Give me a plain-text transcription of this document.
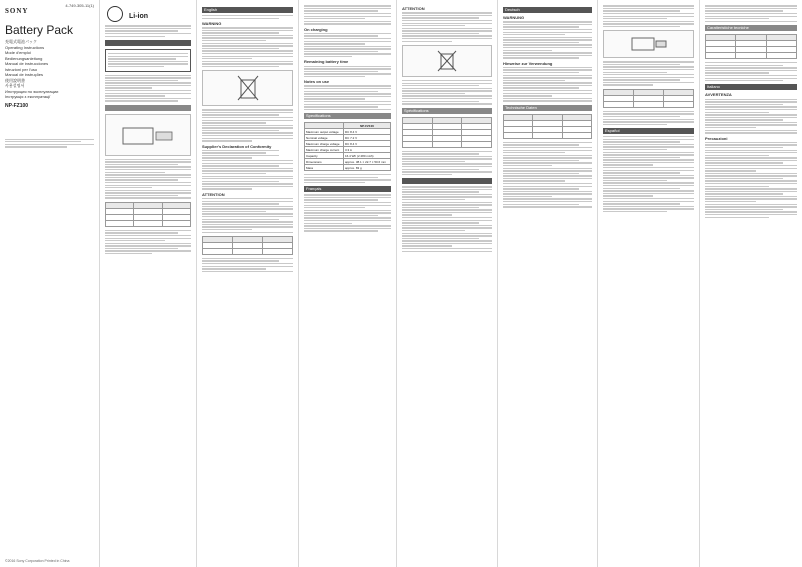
4-749-305-11(1)
SONY
Battery Pack
充電式電池パック
Operating Instructions
Mode d'emploi
Bedienungsanleitung
Manual de instrucciones
Istruzioni per l'uso
Manual de instruções
使用說明書
사용설명서
Инструкция по эксплуатации
Інструкція з експлуатації
NP-FZ100
©2016 Sony Corporation Printed in China
Li-ion

English
WARNING
Supplier's Declaration of Conformity
ATTENTION

On charging
Remaining battery time
Notes on use
Specifications
	NP-FZ100
Maximum output voltage	DC 8.4 V
Nominal voltage	DC 7.2 V
Maximum charge voltage	DC 8.4 V
Maximum charge current	3.3 A
Capacity	16.4 Wh (2 280 mAh)
Dimensions	approx. 38.1 × 22.7 × 50.6 mm
Mass	approx. 83 g
Français
ATTENTION
Spécifications

Deutsch
WARNUNG
Hinweise zur Verwendung
Technische Daten

Español
Caratteristiche tecniche

Italiano
AVVERTENZA
Precauzioni
